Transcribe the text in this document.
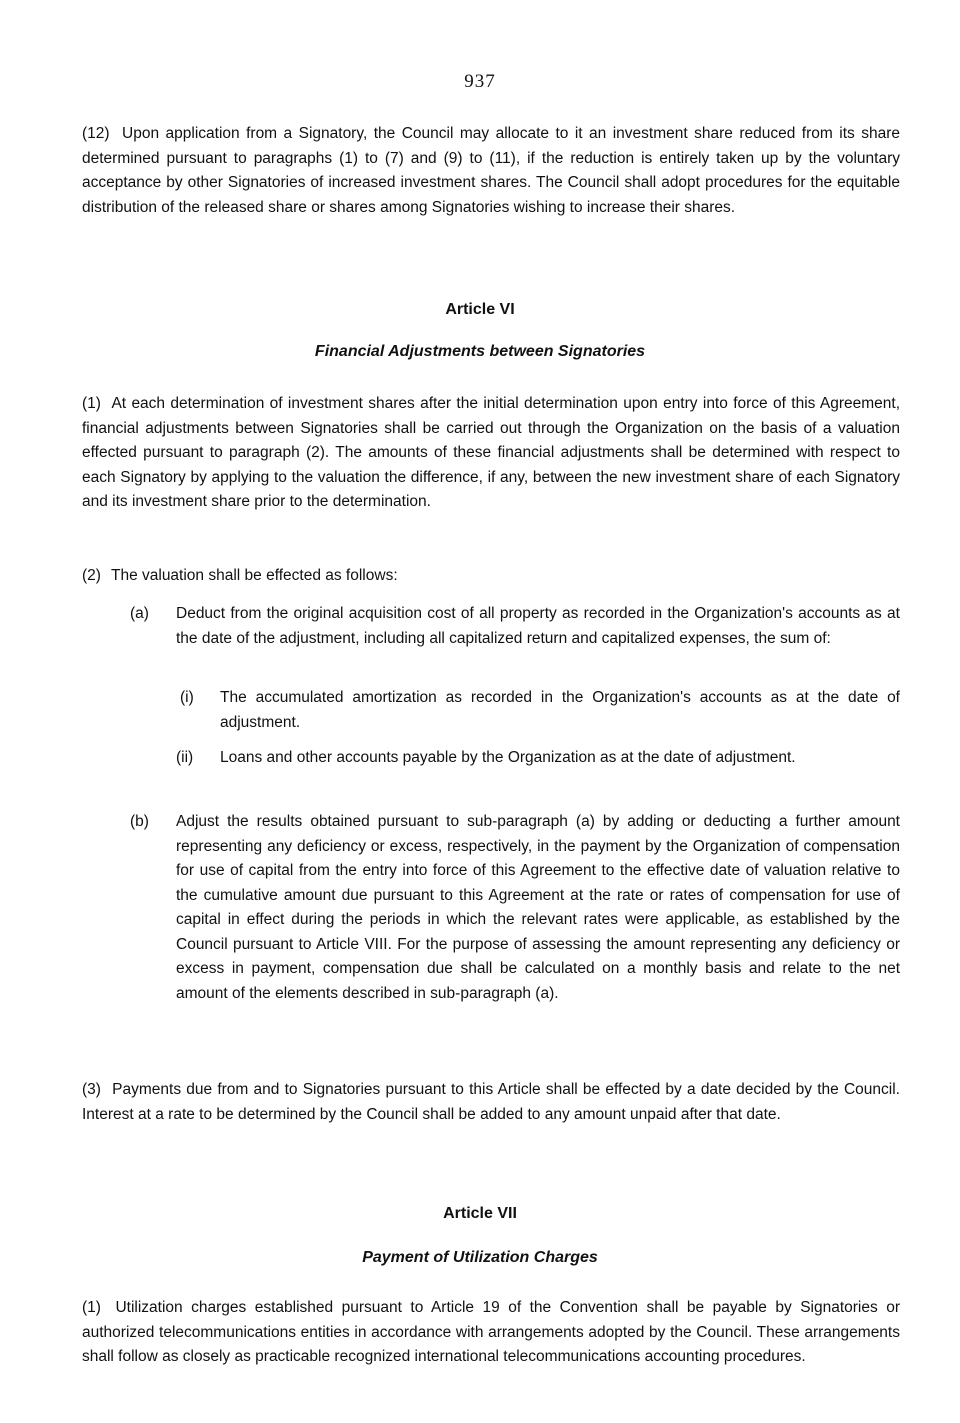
937
(12) Upon application from a Signatory, the Council may allocate to it an investment share reduced from its share determined pursuant to paragraphs (1) to (7) and (9) to (11), if the reduction is entirely taken up by the voluntary acceptance by other Signatories of increased investment shares. The Council shall adopt procedures for the equitable distribution of the released share or shares among Signatories wishing to increase their shares.
Article VI
Financial Adjustments between Signatories
(1) At each determination of investment shares after the initial determination upon entry into force of this Agreement, financial adjustments between Signatories shall be carried out through the Organization on the basis of a valuation effected pursuant to paragraph (2). The amounts of these financial adjustments shall be determined with respect to each Signatory by applying to the valuation the difference, if any, between the new investment share of each Signatory and its investment share prior to the determination.
(2) The valuation shall be effected as follows:
(a) Deduct from the original acquisition cost of all property as recorded in the Organization's accounts as at the date of the adjustment, including all capitalized return and capitalized expenses, the sum of:
(i) The accumulated amortization as recorded in the Organization's accounts as at the date of adjustment.
(ii) Loans and other accounts payable by the Organization as at the date of adjustment.
(b) Adjust the results obtained pursuant to sub-paragraph (a) by adding or deducting a further amount representing any deficiency or excess, respectively, in the payment by the Organization of compensation for use of capital from the entry into force of this Agreement to the effective date of valuation relative to the cumulative amount due pursuant to this Agreement at the rate or rates of compensation for use of capital in effect during the periods in which the relevant rates were applicable, as established by the Council pursuant to Article VIII. For the purpose of assessing the amount representing any deficiency or excess in payment, compensation due shall be calculated on a monthly basis and relate to the net amount of the elements described in sub-paragraph (a).
(3) Payments due from and to Signatories pursuant to this Article shall be effected by a date decided by the Council. Interest at a rate to be determined by the Council shall be added to any amount unpaid after that date.
Article VII
Payment of Utilization Charges
(1) Utilization charges established pursuant to Article 19 of the Convention shall be payable by Signatories or authorized telecommunications entities in accordance with arrangements adopted by the Council. These arrangements shall follow as closely as practicable recognized international telecommunications accounting procedures.
